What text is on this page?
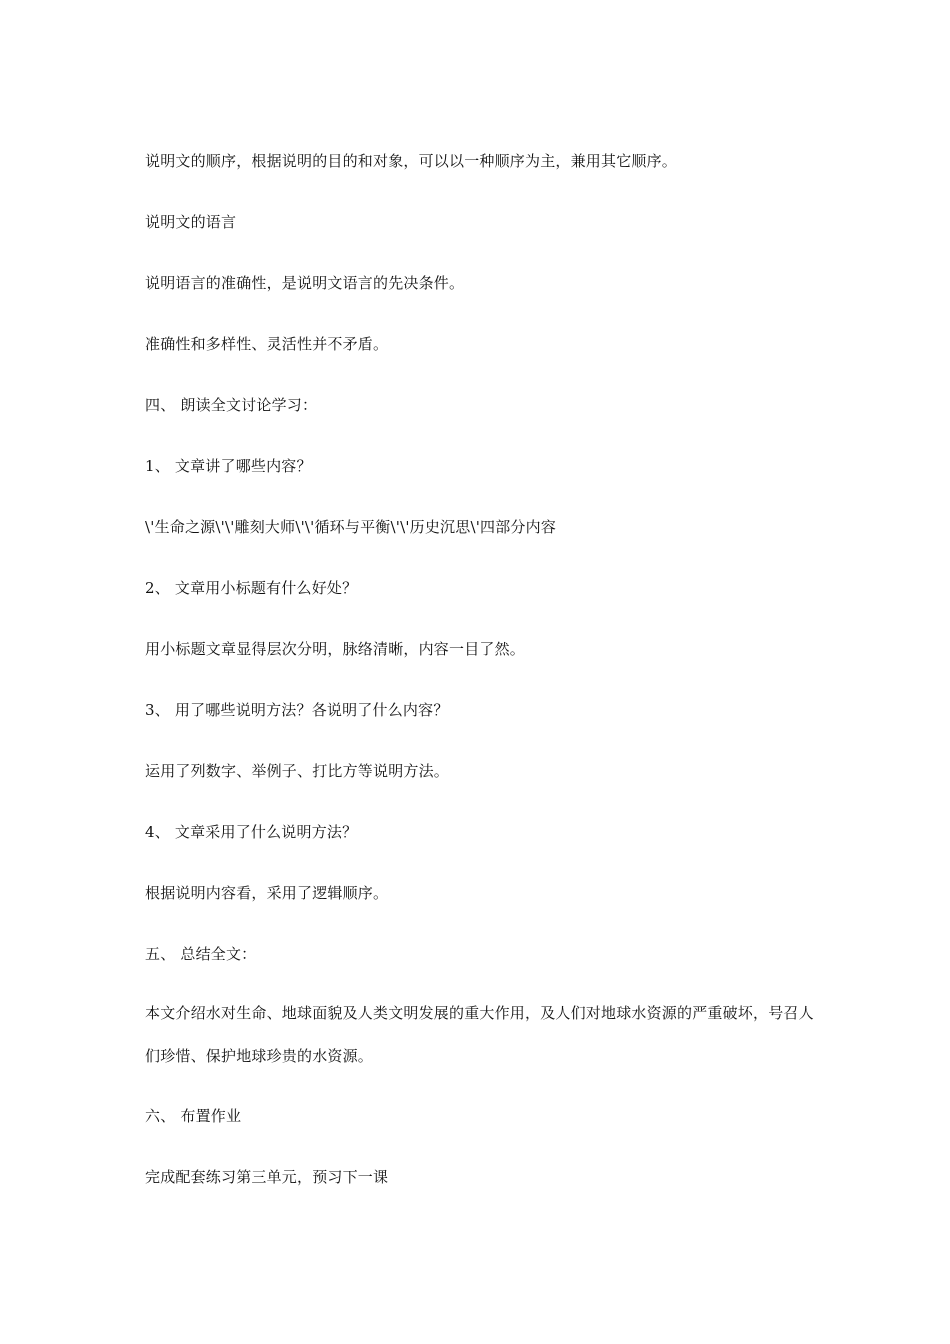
说明文的顺序，根据说明的目的和对象，可以以一种顺序为主，兼用其它顺序。
说明文的语言
说明语言的准确性，是说明文语言的先决条件。
准确性和多样性、灵活性并不矛盾。
四、 朗读全文讨论学习：
1、 文章讲了哪些内容？
\'生命之源\'\'雕刻大师\'\'循环与平衡\'\'历史沉思\'四部分内容
2、 文章用小标题有什么好处？
用小标题文章显得层次分明，脉络清晰，内容一目了然。
3、 用了哪些说明方法？各说明了什么内容？
运用了列数字、举例子、打比方等说明方法。
4、 文章采用了什么说明方法？
根据说明内容看，采用了逻辑顺序。
五、 总结全文：
本文介绍水对生命、地球面貌及人类文明发展的重大作用，及人们对地球水资源的严重破坏，号召人们珍惜、保护地球珍贵的水资源。
六、 布置作业
完成配套练习第三单元，预习下一课
